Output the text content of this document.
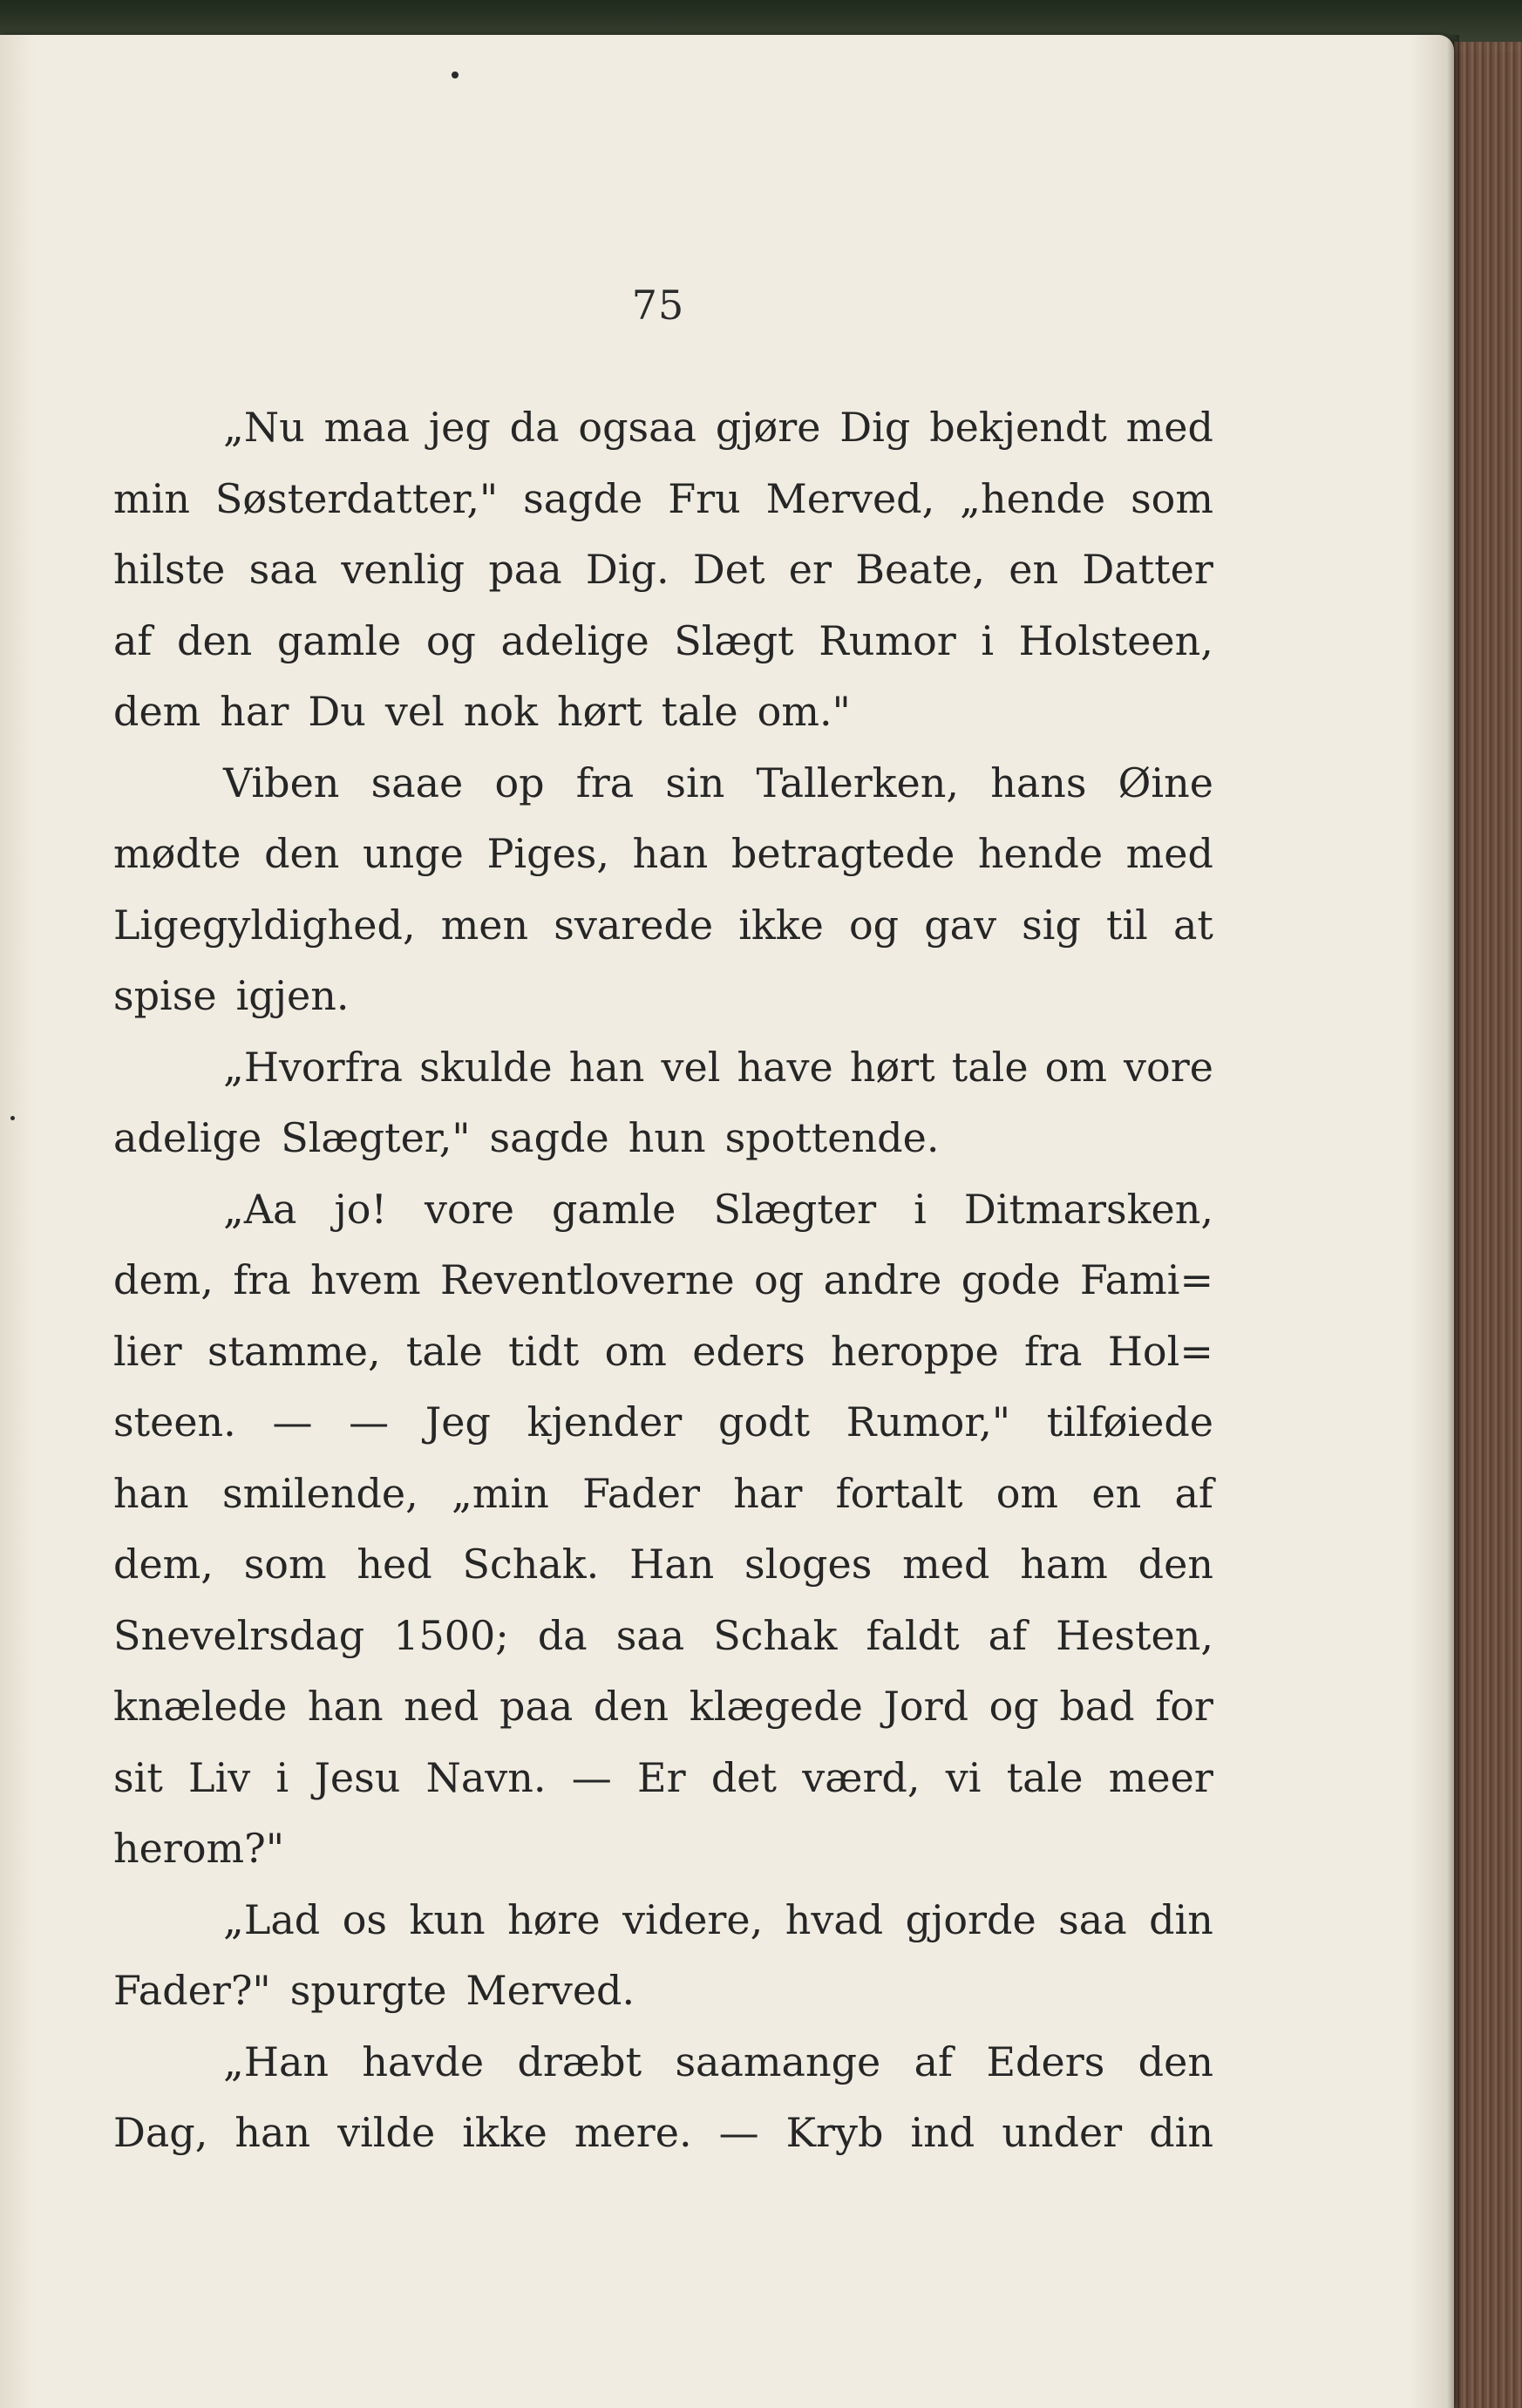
75
„Nu maa jeg da ogsaa gjøre Dig bekjendt med
min Søsterdatter," sagde Fru Merved, „hende som
hilste saa venlig paa Dig. Det er Beate, en Datter
af den gamle og adelige Slægt Rumor i Holsteen,
dem har Du vel nok hørt tale om."
Viben saae op fra sin Tallerken, hans Øine
mødte den unge Piges, han betragtede hende med
Ligegyldighed, men svarede ikke og gav sig til at
spise igjen.
„Hvorfra skulde han vel have hørt tale om vore
adelige Slægter," sagde hun spottende.
„Aa jo! vore gamle Slægter i Ditmarsken,
dem, fra hvem Reventloverne og andre gode Fami=
lier stamme, tale tidt om eders heroppe fra Hol=
steen. — — Jeg kjender godt Rumor," tilføiede
han smilende, „min Fader har fortalt om en af
dem, som hed Schak. Han sloges med ham den
Snevelrsdag 1500; da saa Schak faldt af Hesten,
knælede han ned paa den klægede Jord og bad for
sit Liv i Jesu Navn. — Er det værd, vi tale meer
herom?"
„Lad os kun høre videre, hvad gjorde saa din
Fader?" spurgte Merved.
„Han havde dræbt saamange af Eders den
Dag, han vilde ikke mere. — Kryb ind under din
